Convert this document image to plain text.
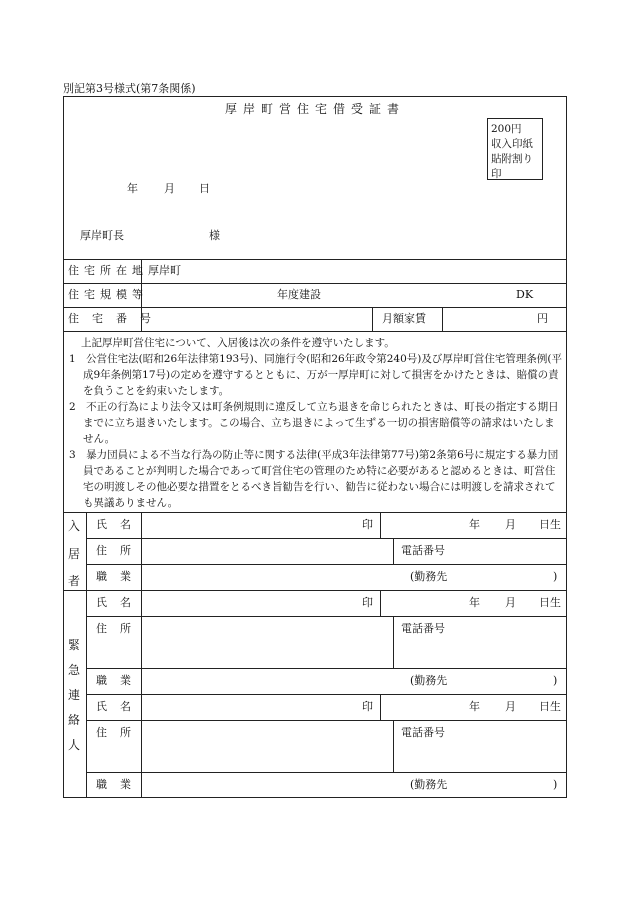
別記第3号様式(第7条関係)
厚岸町営住宅借受証書
200円
収入印紙
貼附割り
印
年 月 日
厚岸町長	様
住宅所在地 厚岸町
住宅規模等	年度建設	DK
住宅番号	月額家賃	円

上記厚岸町営住宅について、入居後は次の条件を遵守いたします。

1　公営住宅法(昭和26年法律第193号)、同施行令(昭和26年政令第240号)及び厚岸町営住宅管理条例(平成9年条例第17号)の定めを遵守するとともに、万が一厚岸町に対して損害をかけたときは、賠償の責を負うことを約束いたします。

2　不正の行為により法令又は町条例規則に違反して立ち退きを命じられたときは、町長の指定する期日までに立ち退きいたします。この場合、立ち退きによって生ずる一切の損害賠償等の請求はいたしません。

3　暴力団員による不当な行為の防止等に関する法律(平成3年法律第77号)第2条第6号に規定する暴力団員であることが判明した場合であって町営住宅の管理のため特に必要があると認めるときは、町営住宅の明渡しその他必要な措置をとるべき旨勧告を行い、勧告に従わない場合には明渡しを請求されても異議ありません。

入
居
者
氏名	印	年 月 日生
住所	電話番号
職業	(勤務先	)
緊
急
連
絡
人
氏名	印	年 月 日生
住所	電話番号
職業	(勤務先	)
氏名	印	年 月 日生
住所	電話番号
職業	(勤務先	)
